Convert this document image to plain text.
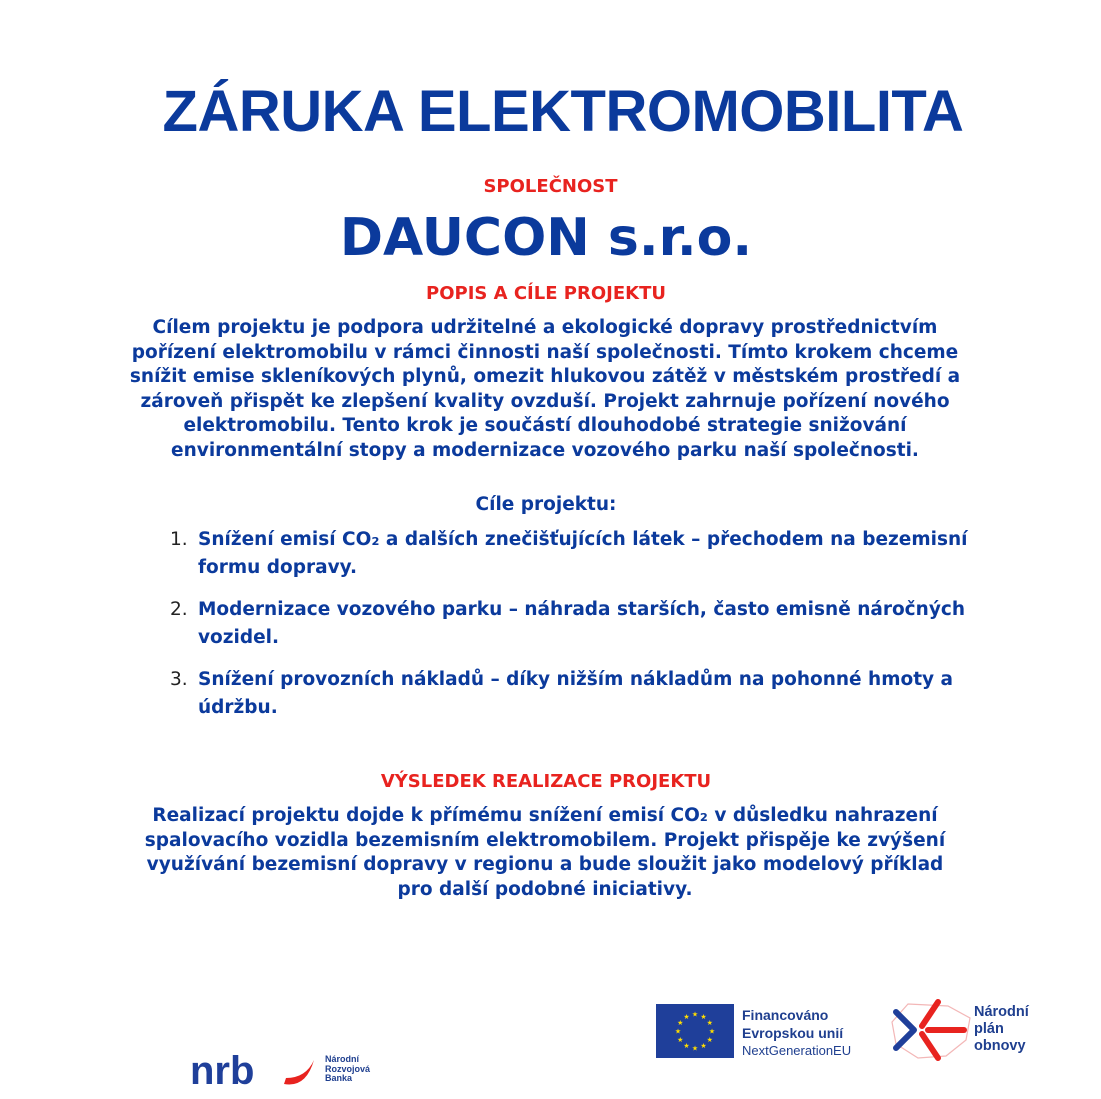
ZÁRUKA ELEKTROMOBILITA

SPOLEČNOST

DAUCON s.r.o.

POPIS A CÍLE PROJEKTU

Cílem projektu je podpora udržitelné a ekologické dopravy prostřednictvím pořízení elektromobilu v rámci činnosti naší společnosti. Tímto krokem chceme snížit emise skleníkových plynů, omezit hlukovou zátěž v městském prostředí a zároveň přispět ke zlepšení kvality ovzduší. Projekt zahrnuje pořízení nového elektromobilu. Tento krok je součástí dlouhodobé strategie snižování environmentální stopy a modernizace vozového parku naší společnosti.

Cíle projektu:

1. Snížení emisí CO₂ a dalších znečišťujících látek – přechodem na bezemisní formu dopravy.
2. Modernizace vozového parku – náhrada starších, často emisně náročných vozidel.
3. Snížení provozních nákladů – díky nižším nákladům na pohonné hmoty a údržbu.

VÝSLEDEK REALIZACE PROJEKTU

Realizací projektu dojde k přímému snížení emisí CO₂ v důsledku nahrazení spalovacího vozidla bezemisním elektromobilem. Projekt přispěje ke zvýšení využívání bezemisní dopravy v regionu a bude sloužit jako modelový příklad pro další podobné iniciativy.

nrb	Národní
Rozvojová
Banka
★ ★
★
★
★
★
★
★
★
★
★
★	Financováno
Evropskou unií
NextGenerationEU
Národní
plán
obnovy
